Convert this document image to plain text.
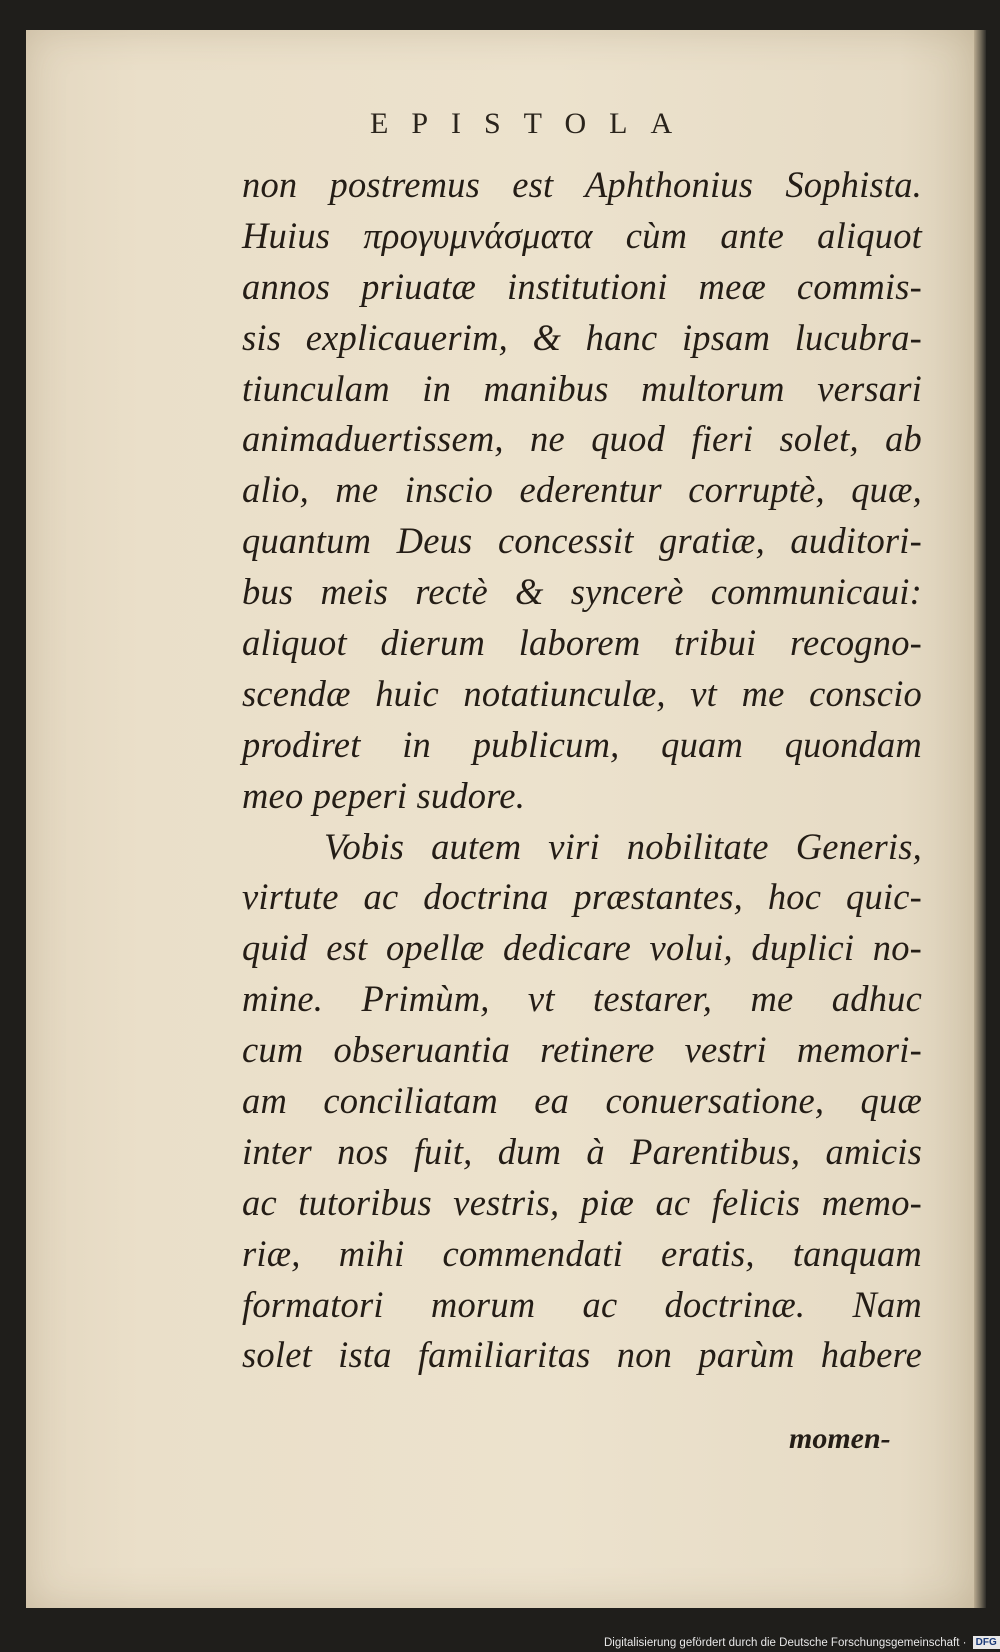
EPISTOLA
non postremus est Aphthonius Sophista.
Huius προγυμνάσματα cùm ante aliquot
annos priuatæ institutioni meæ commis-
sis explicauerim, & hanc ipsam lucubra-
tiunculam in manibus multorum versari
animaduertissem, ne quod fieri solet, ab
alio, me inscio ederentur corruptè, quæ,
quantum Deus concessit gratiæ, auditori-
bus meis rectè & syncerè communicaui:
aliquot dierum laborem tribui recogno-
scendæ huic notatiunculæ, vt me conscio
prodiret in publicum, quam quondam
meo peperi sudore.
Vobis autem viri nobilitate Generis,
virtute ac doctrina præstantes, hoc quic-
quid est opellæ dedicare volui, duplici no-
mine. Primùm, vt testarer, me adhuc
cum obseruantia retinere vestri memori-
am conciliatam ea conuersatione, quæ
inter nos fuit, dum à Parentibus, amicis
ac tutoribus vestris, piæ ac felicis memo-
riæ, mihi commendati eratis, tanquam
formatori morum ac doctrinæ. Nam
solet ista familiaritas non parùm habere
momen-
Digitalisierung gefördert durch die Deutsche Forschungsgemeinschaft · DFG
